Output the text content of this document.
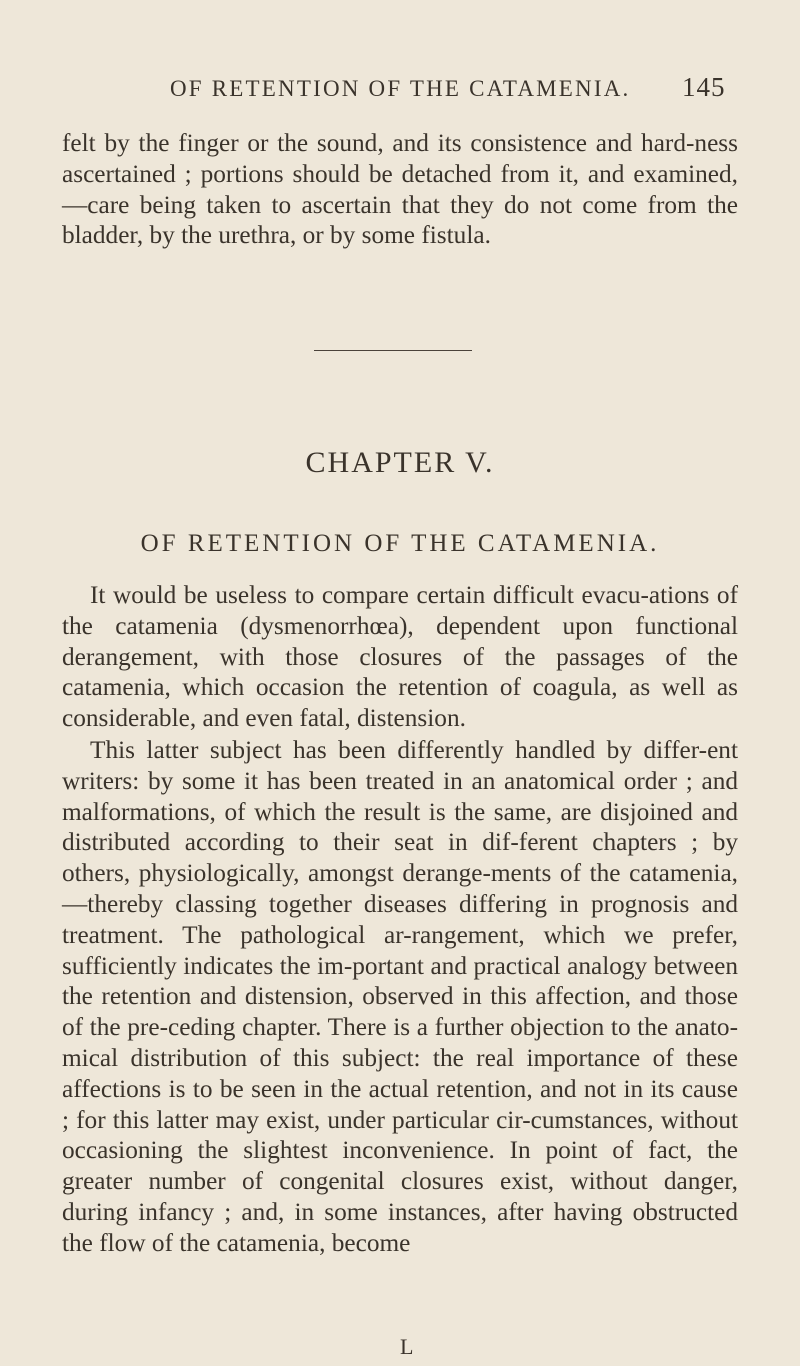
OF RETENTION OF THE CATAMENIA. 145

felt by the finger or the sound, and its consistence and hard-ness ascertained ; portions should be detached from it, and examined,—care being taken to ascertain that they do not come from the bladder, by the urethra, or by some fistula.

CHAPTER V.
OF RETENTION OF THE CATAMENIA.

It would be useless to compare certain difficult evacu-ations of the catamenia (dysmenorrhœa), dependent upon functional derangement, with those closures of the passages of the catamenia, which occasion the retention of coagula, as well as considerable, and even fatal, distension.

This latter subject has been differently handled by differ-ent writers: by some it has been treated in an anatomical order ; and malformations, of which the result is the same, are disjoined and distributed according to their seat in dif-ferent chapters ; by others, physiologically, amongst derange-ments of the catamenia,—thereby classing together diseases differing in prognosis and treatment. The pathological ar-rangement, which we prefer, sufficiently indicates the im-portant and practical analogy between the retention and distension, observed in this affection, and those of the pre-ceding chapter. There is a further objection to the anato-mical distribution of this subject: the real importance of these affections is to be seen in the actual retention, and not in its cause ; for this latter may exist, under particular cir-cumstances, without occasioning the slightest inconvenience. In point of fact, the greater number of congenital closures exist, without danger, during infancy ; and, in some instances, after having obstructed the flow of the catamenia, become

L
